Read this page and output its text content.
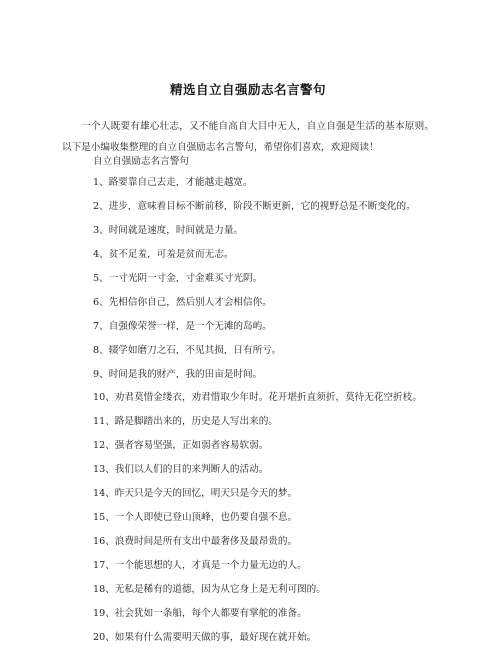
精选自立自强励志名言警句

一个人既要有雄心壮志，又不能自高自大目中无人，自立自强是生活的基本原则。以下是小编收集整理的自立自强励志名言警句，希望你们喜欢，欢迎阅读！

自立自强励志名言警句
1、路要靠自己去走，才能越走越宽。
2、进步，意味着目标不断前移，阶段不断更新，它的视野总是不断变化的。
3、时间就是速度，时间就是力量。
4、贫不足羞，可羞是贫而无志。
5、一寸光阴一寸金，寸金难买寸光阴。
6、先相信你自己，然后别人才会相信你。
7、自强像荣誉一样，是一个无滩的岛屿。
8、辍学如磨刀之石，不见其损，日有所亏。
9、时间是我的财产，我的田亩是时间。
10、劝君莫惜金缕衣，劝君惜取少年时。花开堪折直须折，莫待无花空折枝。
11、路是脚踏出来的，历史是人写出来的。
12、强者容易坚强，正如弱者容易软弱。
13、我们以人们的目的来判断人的活动。
14、昨天只是今天的回忆，明天只是今天的梦。
15、一个人即使已登山顶峰，也仍要自强不息。
16、浪费时间是所有支出中最奢侈及最昂贵的。
17、一个能思想的人，才真是一个力量无边的人。
18、无私是稀有的道德，因为从它身上是无利可图的。
19、社会犹如一条船，每个人都要有掌舵的准备。
20、如果有什么需要明天做的事，最好现在就开始。
